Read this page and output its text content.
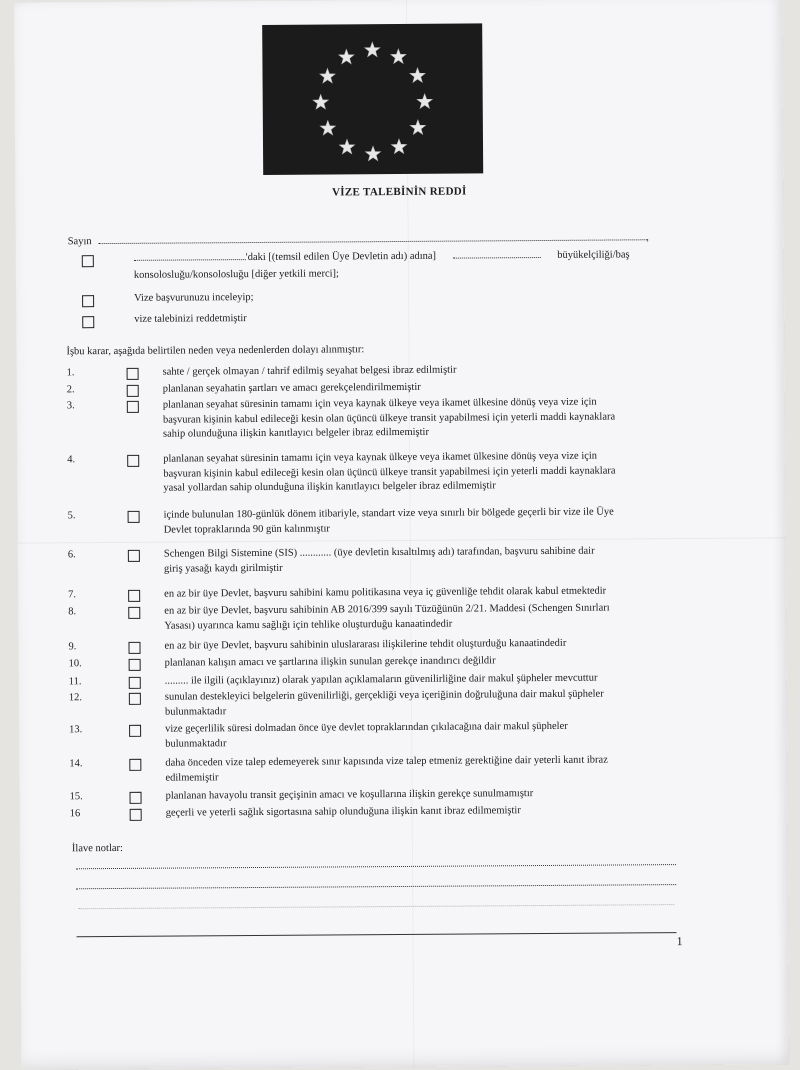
VİZE TALEBİNİN REDDİ
Sayın	,
'daki [(temsil edilen Üye Devletin adı) adına]	büyükelçiliği/baş
konsolosluğu/konsolosluğu [diğer yetkili merci];
Vize başvurunuzu inceleyip;
vize talebinizi reddetmiştir
İşbu karar, aşağıda belirtilen neden veya nedenlerden dolayı alınmıştır:
1.	sahte / gerçek olmayan / tahrif edilmiş seyahat belgesi ibraz edilmiştir
2.	planlanan seyahatin şartları ve amacı gerekçelendirilmemiştir
3.	planlanan seyahat süresinin tamamı için veya kaynak ülkeye veya ikamet ülkesine dönüş veya vize için
başvuran kişinin kabul edileceği kesin olan üçüncü ülkeye transit yapabilmesi için yeterli maddi kaynaklara
sahip olunduğuna ilişkin kanıtlayıcı belgeler ibraz edilmemiştir
4.	planlanan seyahat süresinin tamamı için veya kaynak ülkeye veya ikamet ülkesine dönüş veya vize için
başvuran kişinin kabul edileceği kesin olan üçüncü ülkeye transit yapabilmesi için yeterli maddi kaynaklara
yasal yollardan sahip olunduğuna ilişkin kanıtlayıcı belgeler ibraz edilmemiştir
5.	içinde bulunulan 180-günlük dönem itibariyle, standart vize veya sınırlı bir bölgede geçerli bir vize ile Üye
Devlet topraklarında 90 gün kalınmıştır
6.	Schengen Bilgi Sistemine (SIS) ............ (üye devletin kısaltılmış adı) tarafından, başvuru sahibine dair
giriş yasağı kaydı girilmiştir
7.	en az bir üye Devlet, başvuru sahibini kamu politikasına veya iç güvenliğe tehdit olarak kabul etmektedir
8.	en az bir üye Devlet, başvuru sahibinin AB 2016/399 sayılı Tüzüğünün 2/21. Maddesi (Schengen Sınırları
Yasası) uyarınca kamu sağlığı için tehlike oluşturduğu kanaatindedir
9.	en az bir üye Devlet, başvuru sahibinin uluslararası ilişkilerine tehdit oluşturduğu kanaatindedir
10.	planlanan kalışın amacı ve şartlarına ilişkin sunulan gerekçe inandırıcı değildir
11.	......... ile ilgili (açıklayınız) olarak yapılan açıklamaların güvenilirliğine dair makul şüpheler mevcuttur
12.	sunulan destekleyici belgelerin güvenilirliği, gerçekliği veya içeriğinin doğruluğuna dair makul şüpheler
bulunmaktadır
13.	vize geçerlilik süresi dolmadan önce üye devlet topraklarından çıkılacağına dair makul şüpheler
bulunmaktadır
14.	daha önceden vize talep edemeyerek sınır kapısında vize talep etmeniz gerektiğine dair yeterli kanıt ibraz
edilmemiştir
15.	planlanan havayolu transit geçişinin amacı ve koşullarına ilişkin gerekçe sunulmamıştır
16	geçerli ve yeterli sağlık sigortasına sahip olunduğuna ilişkin kanıt ibraz edilmemiştir
İlave notlar:
1
